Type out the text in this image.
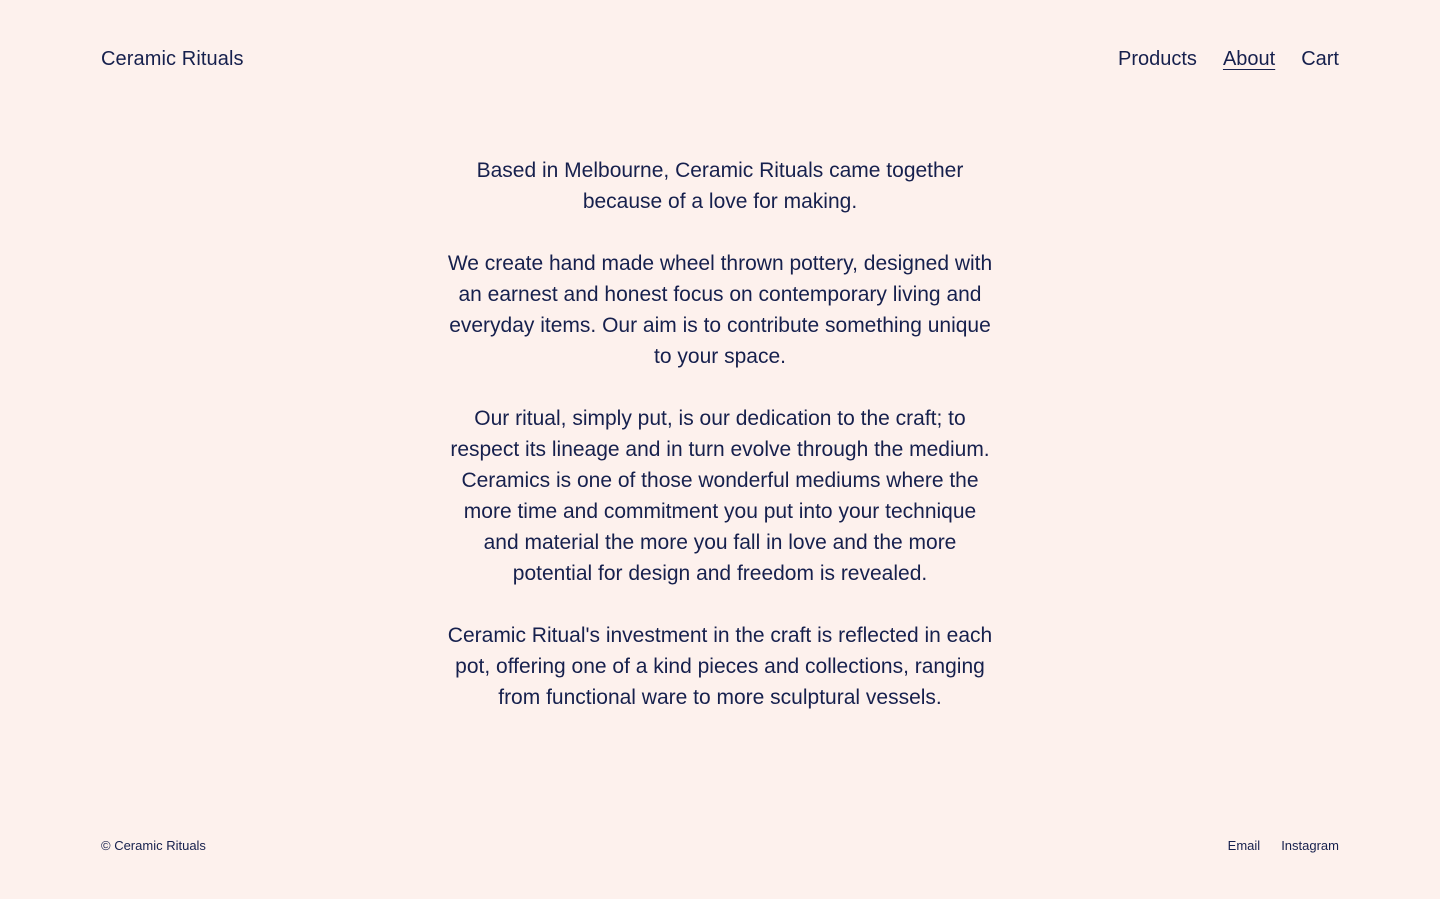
Ceramic Rituals	Products About Cart

Based in Melbourne, Ceramic Rituals came together because of a love for making.

We create hand made wheel thrown pottery, designed with an earnest and honest focus on contemporary living and everyday items. Our aim is to contribute something unique to your space.

Our ritual, simply put, is our dedication to the craft; to respect its lineage and in turn evolve through the medium. Ceramics is one of those wonderful mediums where the more time and commitment you put into your technique and material the more you fall in love and the more potential for design and freedom is revealed.

Ceramic Ritual's investment in the craft is reflected in each pot, offering one of a kind pieces and collections, ranging from functional ware to more sculptural vessels.

© Ceramic Rituals	Email Instagram
